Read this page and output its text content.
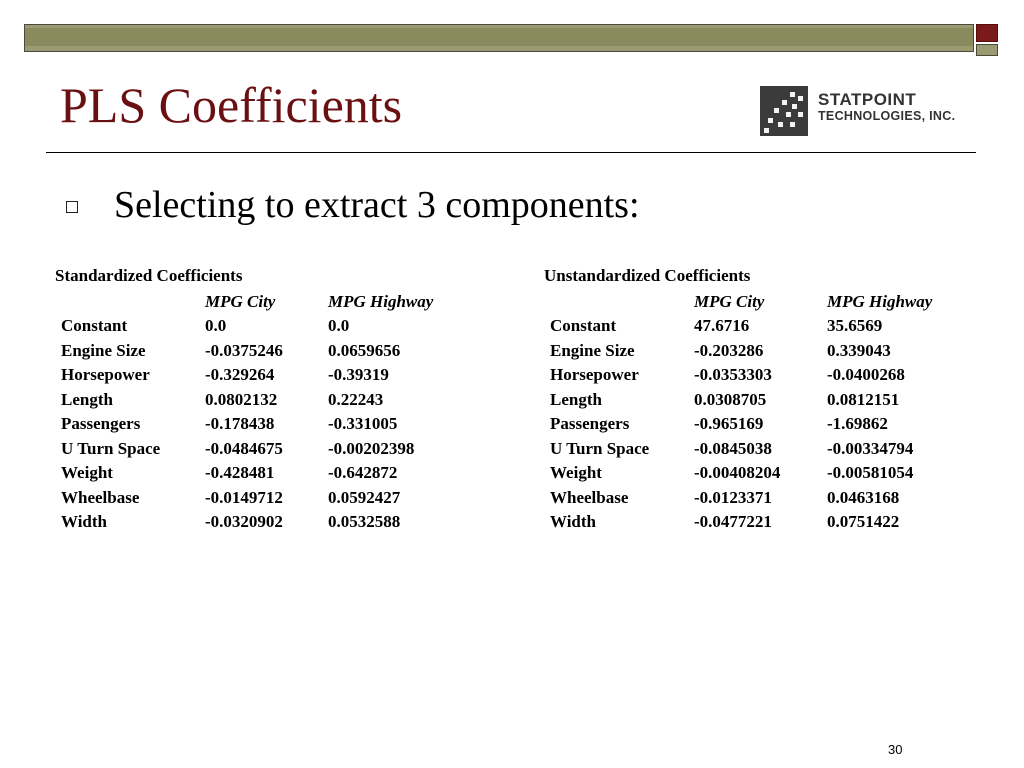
PLS Coefficients	STATPOINT
TECHNOLOGIES, INC.
Selecting to extract 3 components:
Standardized Coefficients
	MPG City	MPG Highway
Constant	0.0	0.0
Engine Size	-0.0375246	0.0659656
Horsepower	-0.329264	-0.39319
Length	0.0802132	0.22243
Passengers	-0.178438	-0.331005
U Turn Space	-0.0484675	-0.00202398
Weight	-0.428481	-0.642872
Wheelbase	-0.0149712	0.0592427
Width	-0.0320902	0.0532588
Unstandardized Coefficients
	MPG City	MPG Highway
Constant	47.6716	35.6569
Engine Size	-0.203286	0.339043
Horsepower	-0.0353303	-0.0400268
Length	0.0308705	0.0812151
Passengers	-0.965169	-1.69862
U Turn Space	-0.0845038	-0.00334794
Weight	-0.00408204	-0.00581054
Wheelbase	-0.0123371	0.0463168
Width	-0.0477221	0.0751422
30
